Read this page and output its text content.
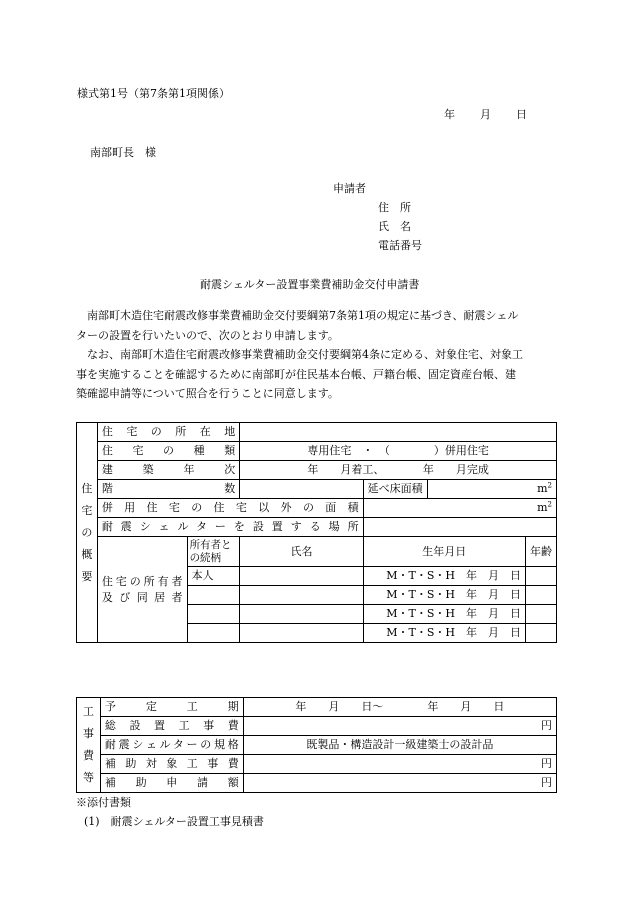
様式第1号（第7条第1項関係）
年　　月　　日
南部町長　様
申請者
住　所
氏　名
電話番号
耐震シェルター設置事業費補助金交付申請書
南部町木造住宅耐震改修事業費補助金交付要綱第7条第1項の規定に基づき、耐震シェル
ターの設置を行いたいので、次のとおり申請します。
なお、南部町木造住宅耐震改修事業費補助金交付要綱第4条に定める、対象住宅、対象工
事を実施することを確認するために南部町が住民基本台帳、戸籍台帳、固定資産台帳、建
築確認申請等について照合を行うことに同意します。
住宅の概要	住宅の所在地					
	住宅の種類		専用住宅　・　（　　　　）併用住宅			
	建築年次		年　　月着工、　　　　年　　月完成			
	階数			延べ床面積	$m^2$
	併用住宅の住宅以外の面積			$m^2$
	耐震シェルターを設置する場所					

	住宅の所有者
及び同居者	所有者との続柄	氏名	生年月日		年齢
		本人		M・T・S・H　年　月　日		
				M・T・S・H　年　月　日		
				M・T・S・H　年　月　日		
				M・T・S・H　年　月　日		
工事費等	予定工期	年　　月　　日〜　　　　年　　月　　日
	総設置工事費	円
	耐震シェルターの規格	既製品・構造設計一級建築士の設計品
	補助対象工事費	円
	補助申請額	円
※添付書類
(1)　耐震シェルター設置工事見積書
